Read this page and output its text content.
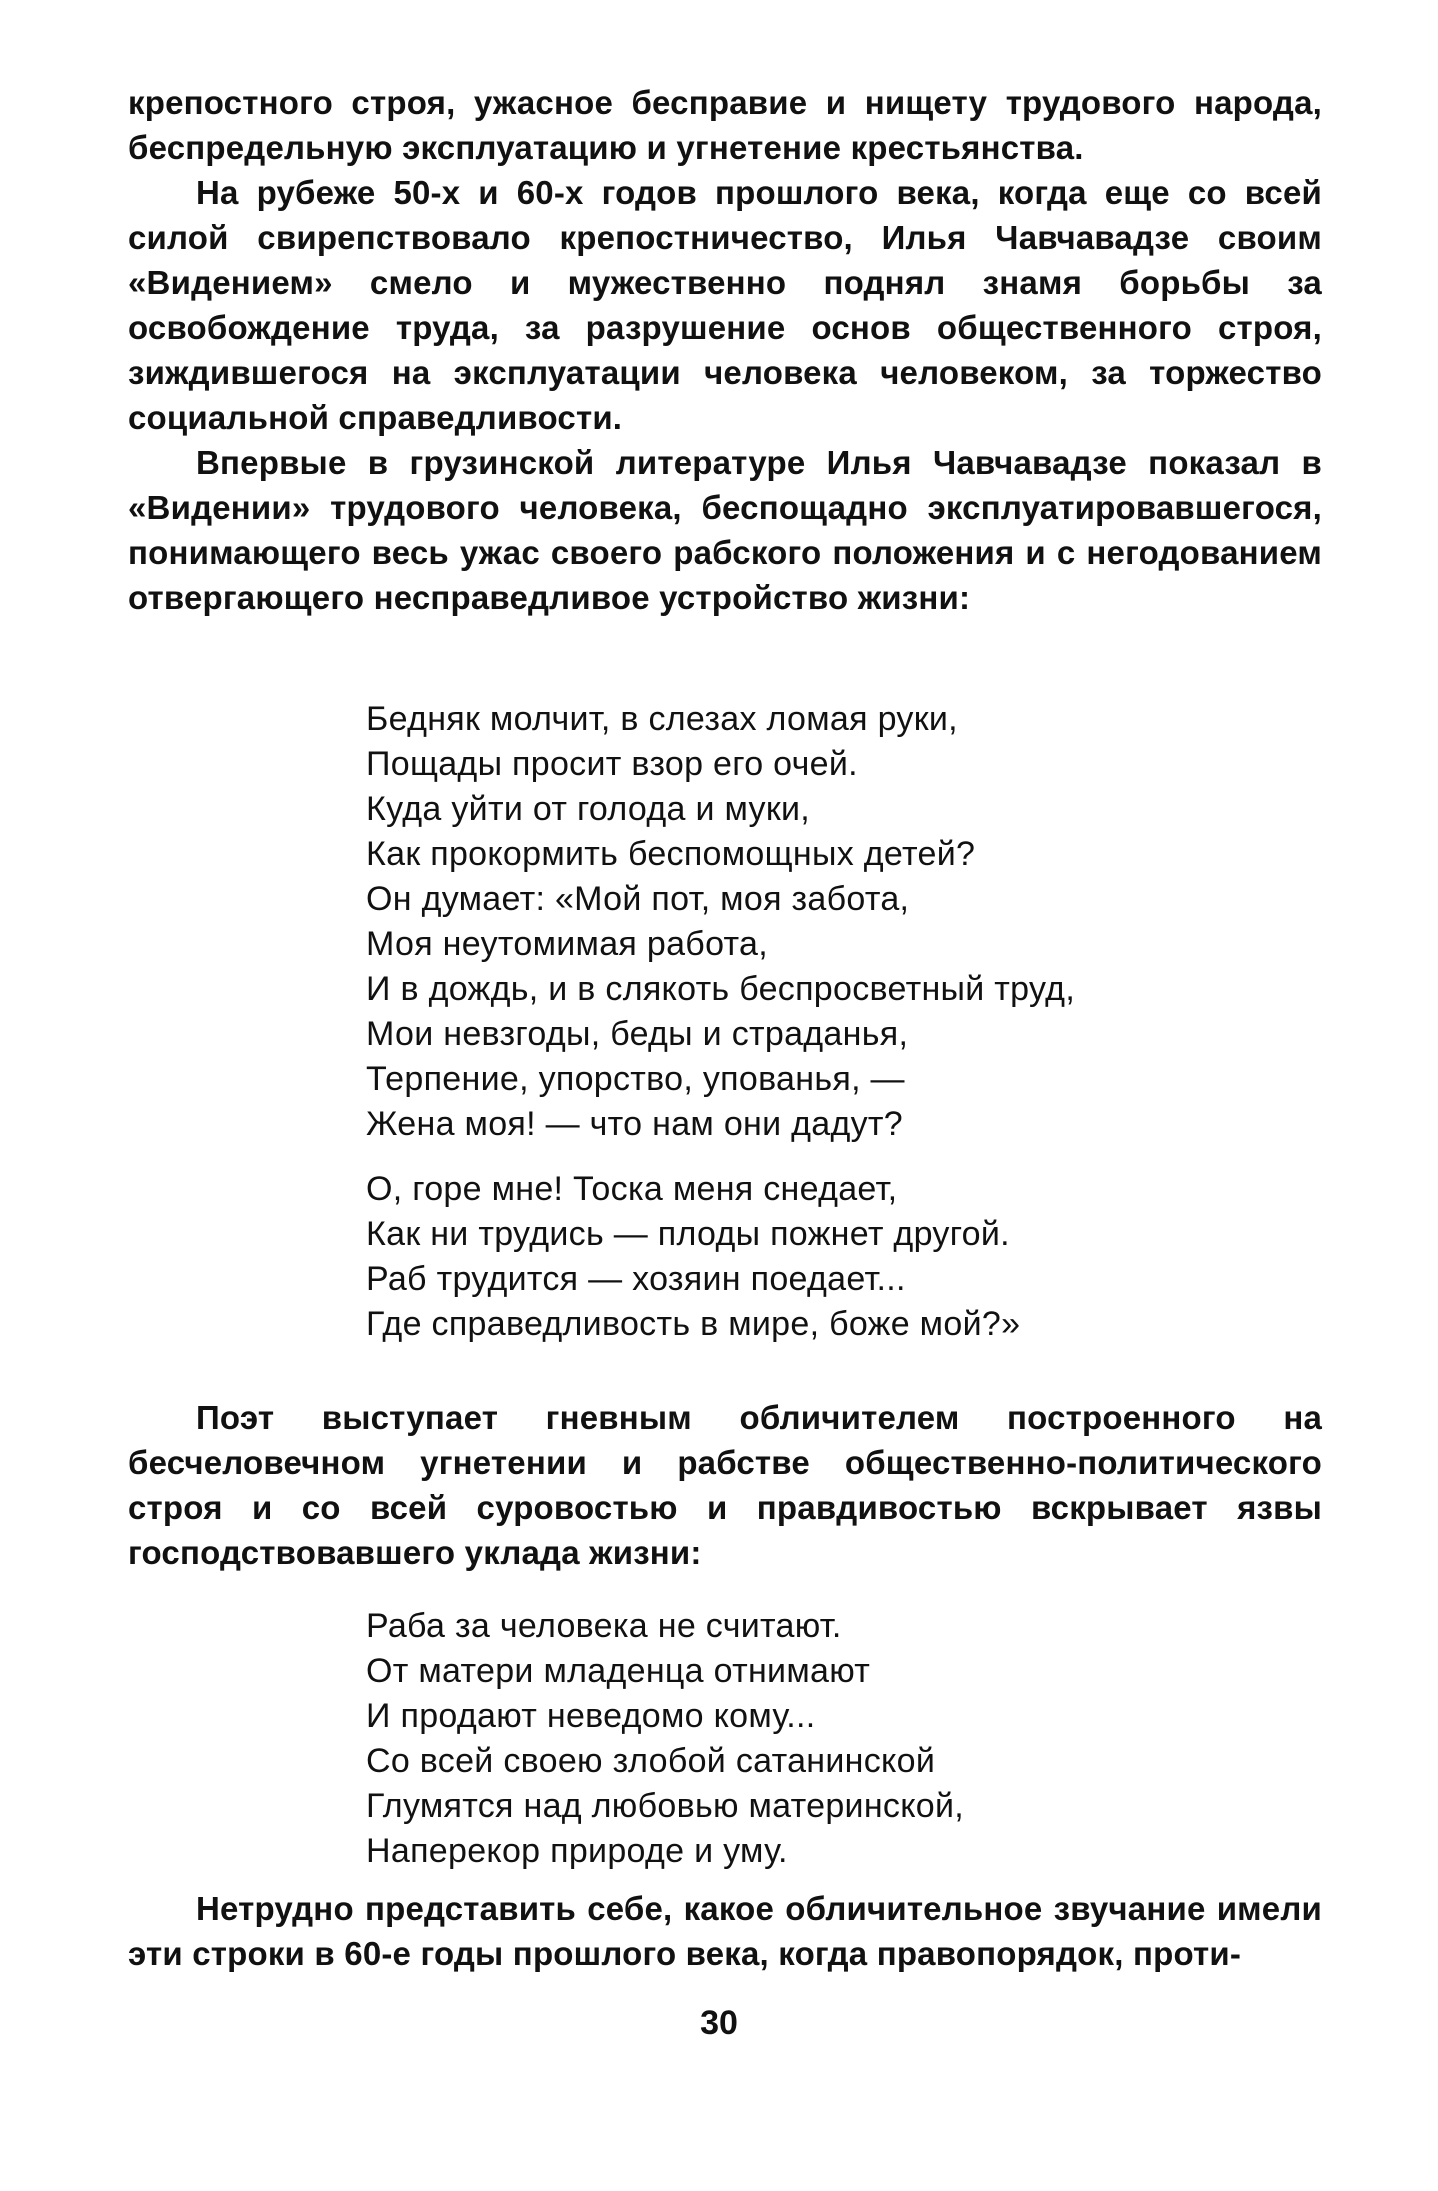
крепостного строя, ужасное бесправие и нищету трудового народа, беспредельную эксплуатацию и угнетение крестьянства.

На рубеже 50-х и 60-х годов прошлого века, когда еще со всей силой свирепствовало крепостничество, Илья Чавчавадзе своим «Видением» смело и мужественно поднял знамя борьбы за освобождение труда, за разрушение основ общественного строя, зиждившегося на эксплуатации человека человеком, за торжество социальной справедливости.

Впервые в грузинской литературе Илья Чавчавадзе показал в «Видении» трудового человека, беспощадно эксплуатировавшегося, понимающего весь ужас своего рабского положения и с негодованием отвергающего несправедливое устройство жизни:

Бедняк молчит, в слезах ломая руки,
Пощады просит взор его очей.
Куда уйти от голода и муки,
Как прокормить беспомощных детей?
Он думает: «Мой пот, моя забота,
Моя неутомимая работа,
И в дождь, и в слякоть беспросветный труд,
Мои невзгоды, беды и страданья,
Терпение, упорство, упованья, —
Жена моя! — что нам они дадут?
О, горе мне! Тоска меня снедает,
Как ни трудись — плоды пожнет другой.
Раб трудится — хозяин поедает...
Где справедливость в мире, боже мой?»

Поэт выступает гневным обличителем построенного на бесчеловечном угнетении и рабстве общественно-политического строя и со всей суровостью и правдивостью вскрывает язвы господствовавшего уклада жизни:

Раба за человека не считают.
От матери младенца отнимают
И продают неведомо кому...
Со всей своею злобой сатанинской
Глумятся над любовью материнской,
Наперекор природе и уму.

Нетрудно представить себе, какое обличительное звучание имели эти строки в 60-е годы прошлого века, когда правопорядок, проти-

30
